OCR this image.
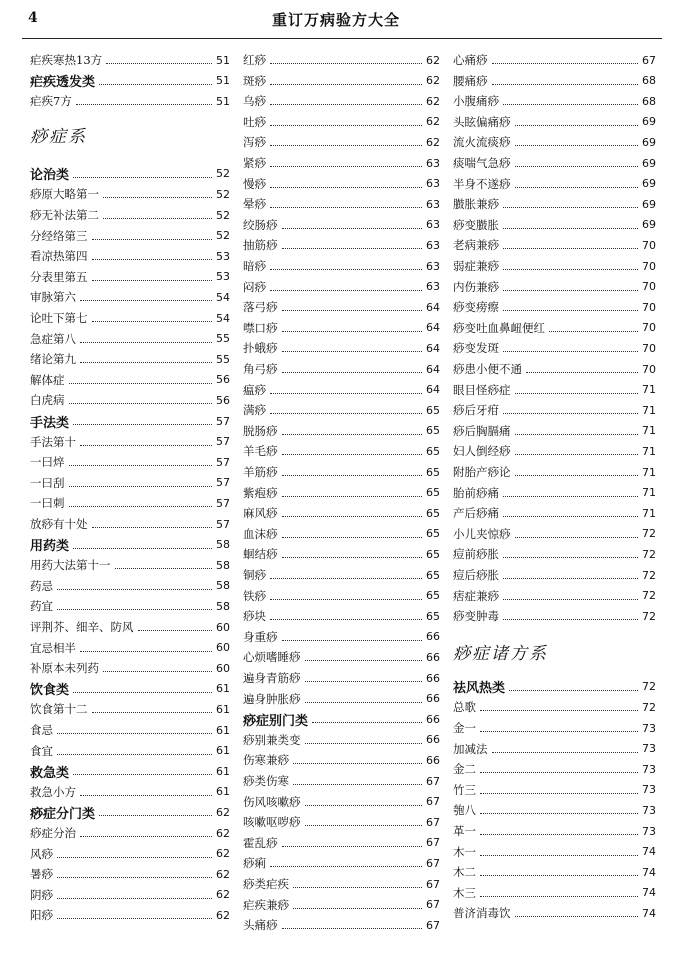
4	重订万病验方大全
疟疾寒热13方	51
疟疾透发类	51
疟疾7方	51
痧症系
论治类	52
痧原大略第一	52
痧无补法第二	52
分经络第三	52
看凉热第四	53
分表里第五	53
审脉第六	54
论吐下第七	54
急症第八	55
绪论第九	55
解体症	56
白虎病	56
手法类	57
手法第十	57
一曰焠	57
一曰刮	57
一曰刺	57
放痧有十处	57
用药类	58
用药大法第十一	58
药忌	58
药宜	58
评荆芥、细辛、防风	60
宜忌相半	60
补原本未列药	60
饮食类	61
饮食第十二	61
食忌	61
食宜	61
救急类	61
救急小方	61
痧症分门类	62
痧症分治	62
风痧	62
暑痧	62
阴痧	62
阳痧	62
红痧	62
斑痧	62
乌痧	62
吐痧	62
泻痧	62
紧痧	63
慢痧	63
晕痧	63
绞肠痧	63
抽筋痧	63
暗痧	63
闷痧	63
落弓痧	64
噤口痧	64
扑蛾痧	64
角弓痧	64
瘟痧	64
满痧	65
脱肠痧	65
羊毛痧	65
羊筋痧	65
紫疱痧	65
麻风痧	65
血沫痧	65
蛔结痧	65
铜痧	65
铁痧	65
痧块	65
身重痧	66
心烦嗜睡痧	66
遍身青筋痧	66
遍身肿胀痧	66
痧症别门类	66
痧别兼类变	66
伤寒兼痧	66
痧类伤寒	67
伤风咳嗽痧	67
咳嗽呕哕痧	67
霍乱痧	67
痧痢	67
痧类疟疾	67
疟疾兼痧	67
头痛痧	67
心痛痧	67
腰痛痧	68
小腹痛痧	68
头眩偏痛痧	69
流火流痰痧	69
痰喘气急痧	69
半身不遂痧	69
臌胀兼痧	69
痧变臌胀	69
老病兼痧	70
弱症兼痧	70
内伤兼痧	70
痧变痨瘵	70
痧变吐血鼻衄便红	70
痧变发斑	70
痧患小便不通	70
眼目怪痧症	71
痧后牙疳	71
痧后胸膈痛	71
妇人倒经痧	71
附胎产痧论	71
胎前痧痛	71
产后痧痛	71
小儿夹惊痧	72
痘前痧胀	72
痘后痧胀	72
痞症兼痧	72
痧变肿毒	72
痧症诸方系
祛风热类	72
总歌	72
金一	73
加减法	73
金二	73
竹三	73
匏八	73
革一	73
木一	74
木二	74
木三	74
普济消毒饮	74
